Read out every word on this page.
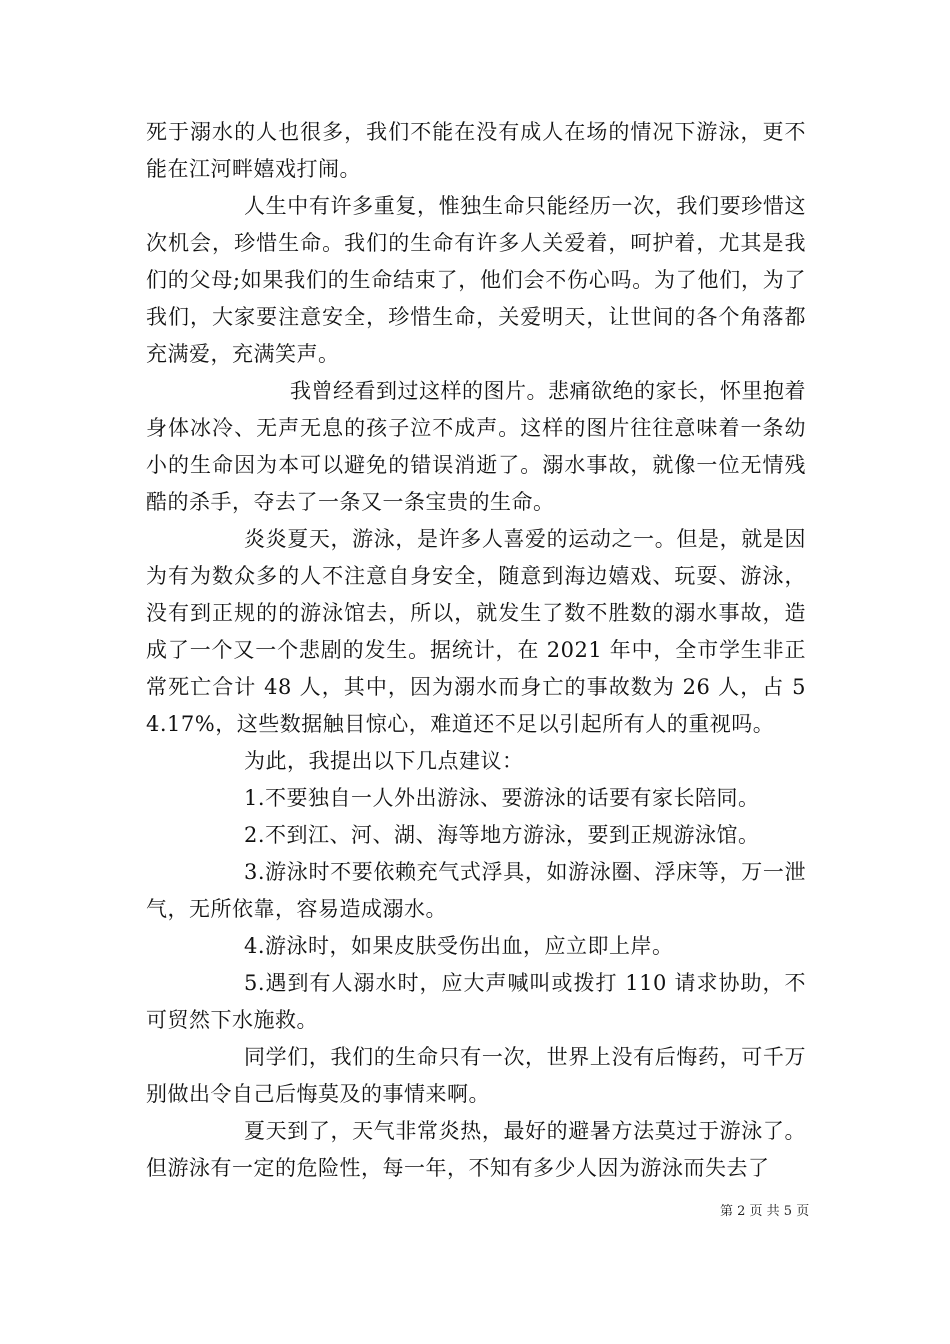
死于溺水的人也很多，我们不能在没有成人在场的情况下游泳，更不能在江河畔嬉戏打闹。

人生中有许多重复，惟独生命只能经历一次，我们要珍惜这次机会，珍惜生命。我们的生命有许多人关爱着，呵护着，尤其是我们的父母;如果我们的生命结束了，他们会不伤心吗。为了他们，为了我们，大家要注意安全，珍惜生命，关爱明天，让世间的各个角落都充满爱，充满笑声。

我曾经看到过这样的图片。悲痛欲绝的家长，怀里抱着身体冰冷、无声无息的孩子泣不成声。这样的图片往往意味着一条幼小的生命因为本可以避免的错误消逝了。溺水事故，就像一位无情残酷的杀手，夺去了一条又一条宝贵的生命。

炎炎夏天，游泳，是许多人喜爱的运动之一。但是，就是因为有为数众多的人不注意自身安全，随意到海边嬉戏、玩耍、游泳，没有到正规的的游泳馆去，所以，就发生了数不胜数的溺水事故，造成了一个又一个悲剧的发生。据统计，在 2021 年中，全市学生非正常死亡合计 48 人，其中，因为溺水而身亡的事故数为 26 人，占 54.17%，这些数据触目惊心，难道还不足以引起所有人的重视吗。

为此，我提出以下几点建议：

1.不要独自一人外出游泳、要游泳的话要有家长陪同。

2.不到江、河、湖、海等地方游泳，要到正规游泳馆。

3.游泳时不要依赖充气式浮具，如游泳圈、浮床等，万一泄气，无所依靠，容易造成溺水。

4.游泳时，如果皮肤受伤出血，应立即上岸。

5.遇到有人溺水时，应大声喊叫或拨打 110 请求协助，不可贸然下水施救。

同学们，我们的生命只有一次，世界上没有后悔药，可千万别做出令自己后悔莫及的事情来啊。

夏天到了，天气非常炎热，最好的避暑方法莫过于游泳了。但游泳有一定的危险性，每一年，不知有多少人因为游泳而失去了

第 2 页 共 5 页
